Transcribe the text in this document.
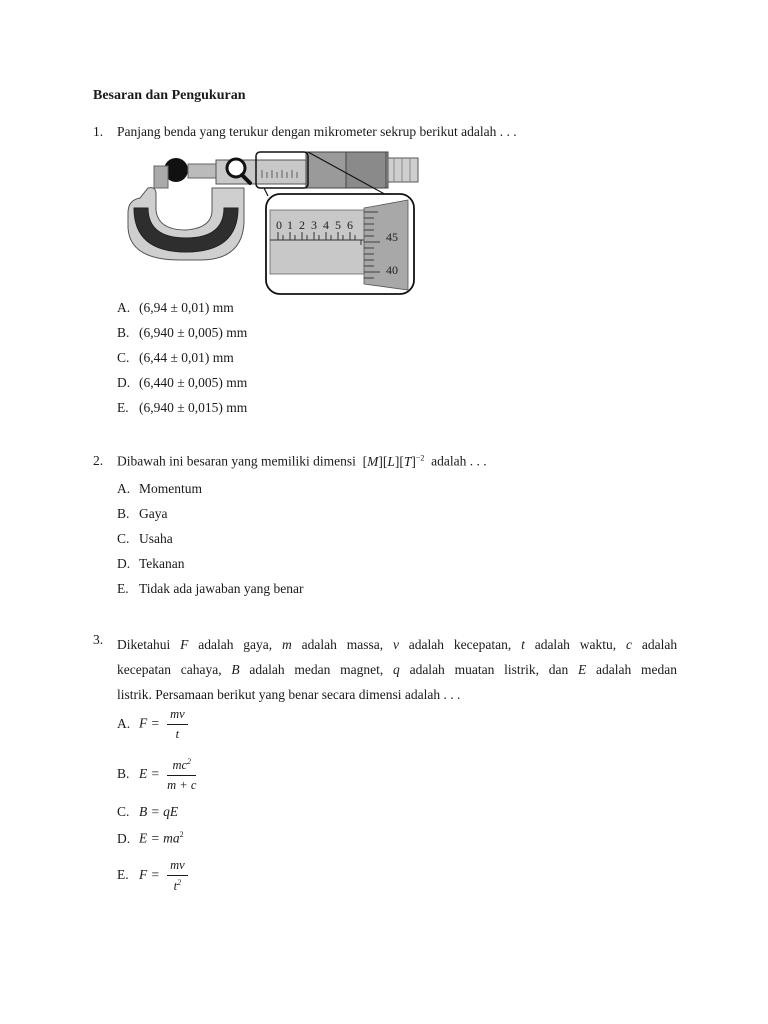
Besaran dan Pengukuran
1. Panjang benda yang terukur dengan mikrometer sekrup berikut adalah . . .
0 1 2 3 4 5 6
45
40
A. (6,94 ± 0,01) mm
B. (6,940 ± 0,005) mm
C. (6,44 ± 0,01) mm
D. (6,440 ± 0,005) mm
E. (6,940 ± 0,015) mm
2. Dibawah ini besaran yang memiliki dimensi  $[M][L][T]^{-2}$ adalah . . .
A. Momentum
B. Gaya
C. Usaha
D. Tekanan
E. Tidak ada jawaban yang benar
3. Diketahui F adalah gaya, m adalah massa, v adalah kecepatan, t adalah waktu, c adalah
kecepatan cahaya, B adalah medan magnet, q adalah muatan listrik, dan E adalah medan
listrik. Persamaan berikut yang benar secara dimensi adalah . . .
A. $F = \frac{mv}{t}$
B. $E = \frac{mc^2}{m + c}$
C. B = qE
D. $E = ma^2$
E. $F = \frac{mv}{t^2}$
